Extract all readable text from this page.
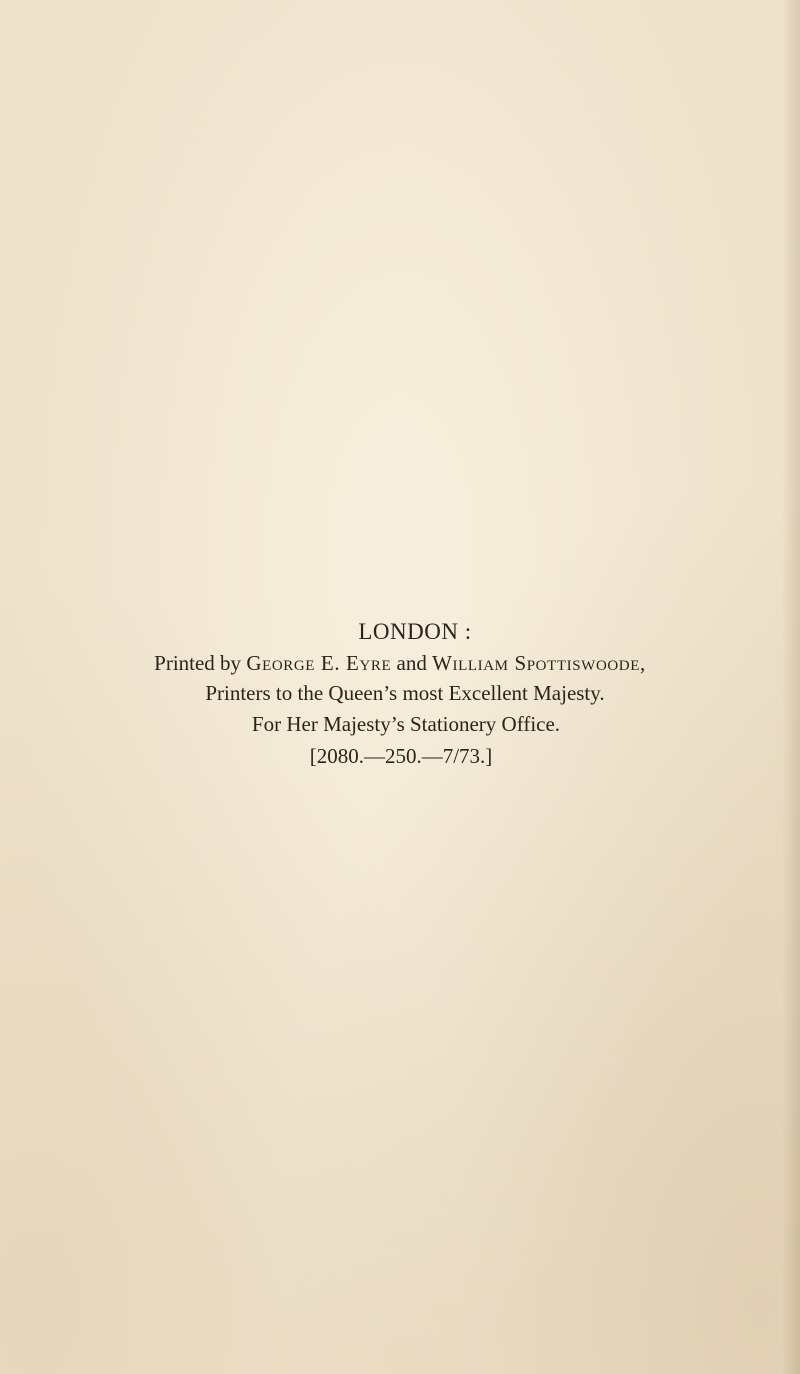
LONDON :
Printed by George E. Eyre and William Spottiswoode,
Printers to the Queen’s most Excellent Majesty.
For Her Majesty’s Stationery Office.
[2080.—250.—7/73.]
